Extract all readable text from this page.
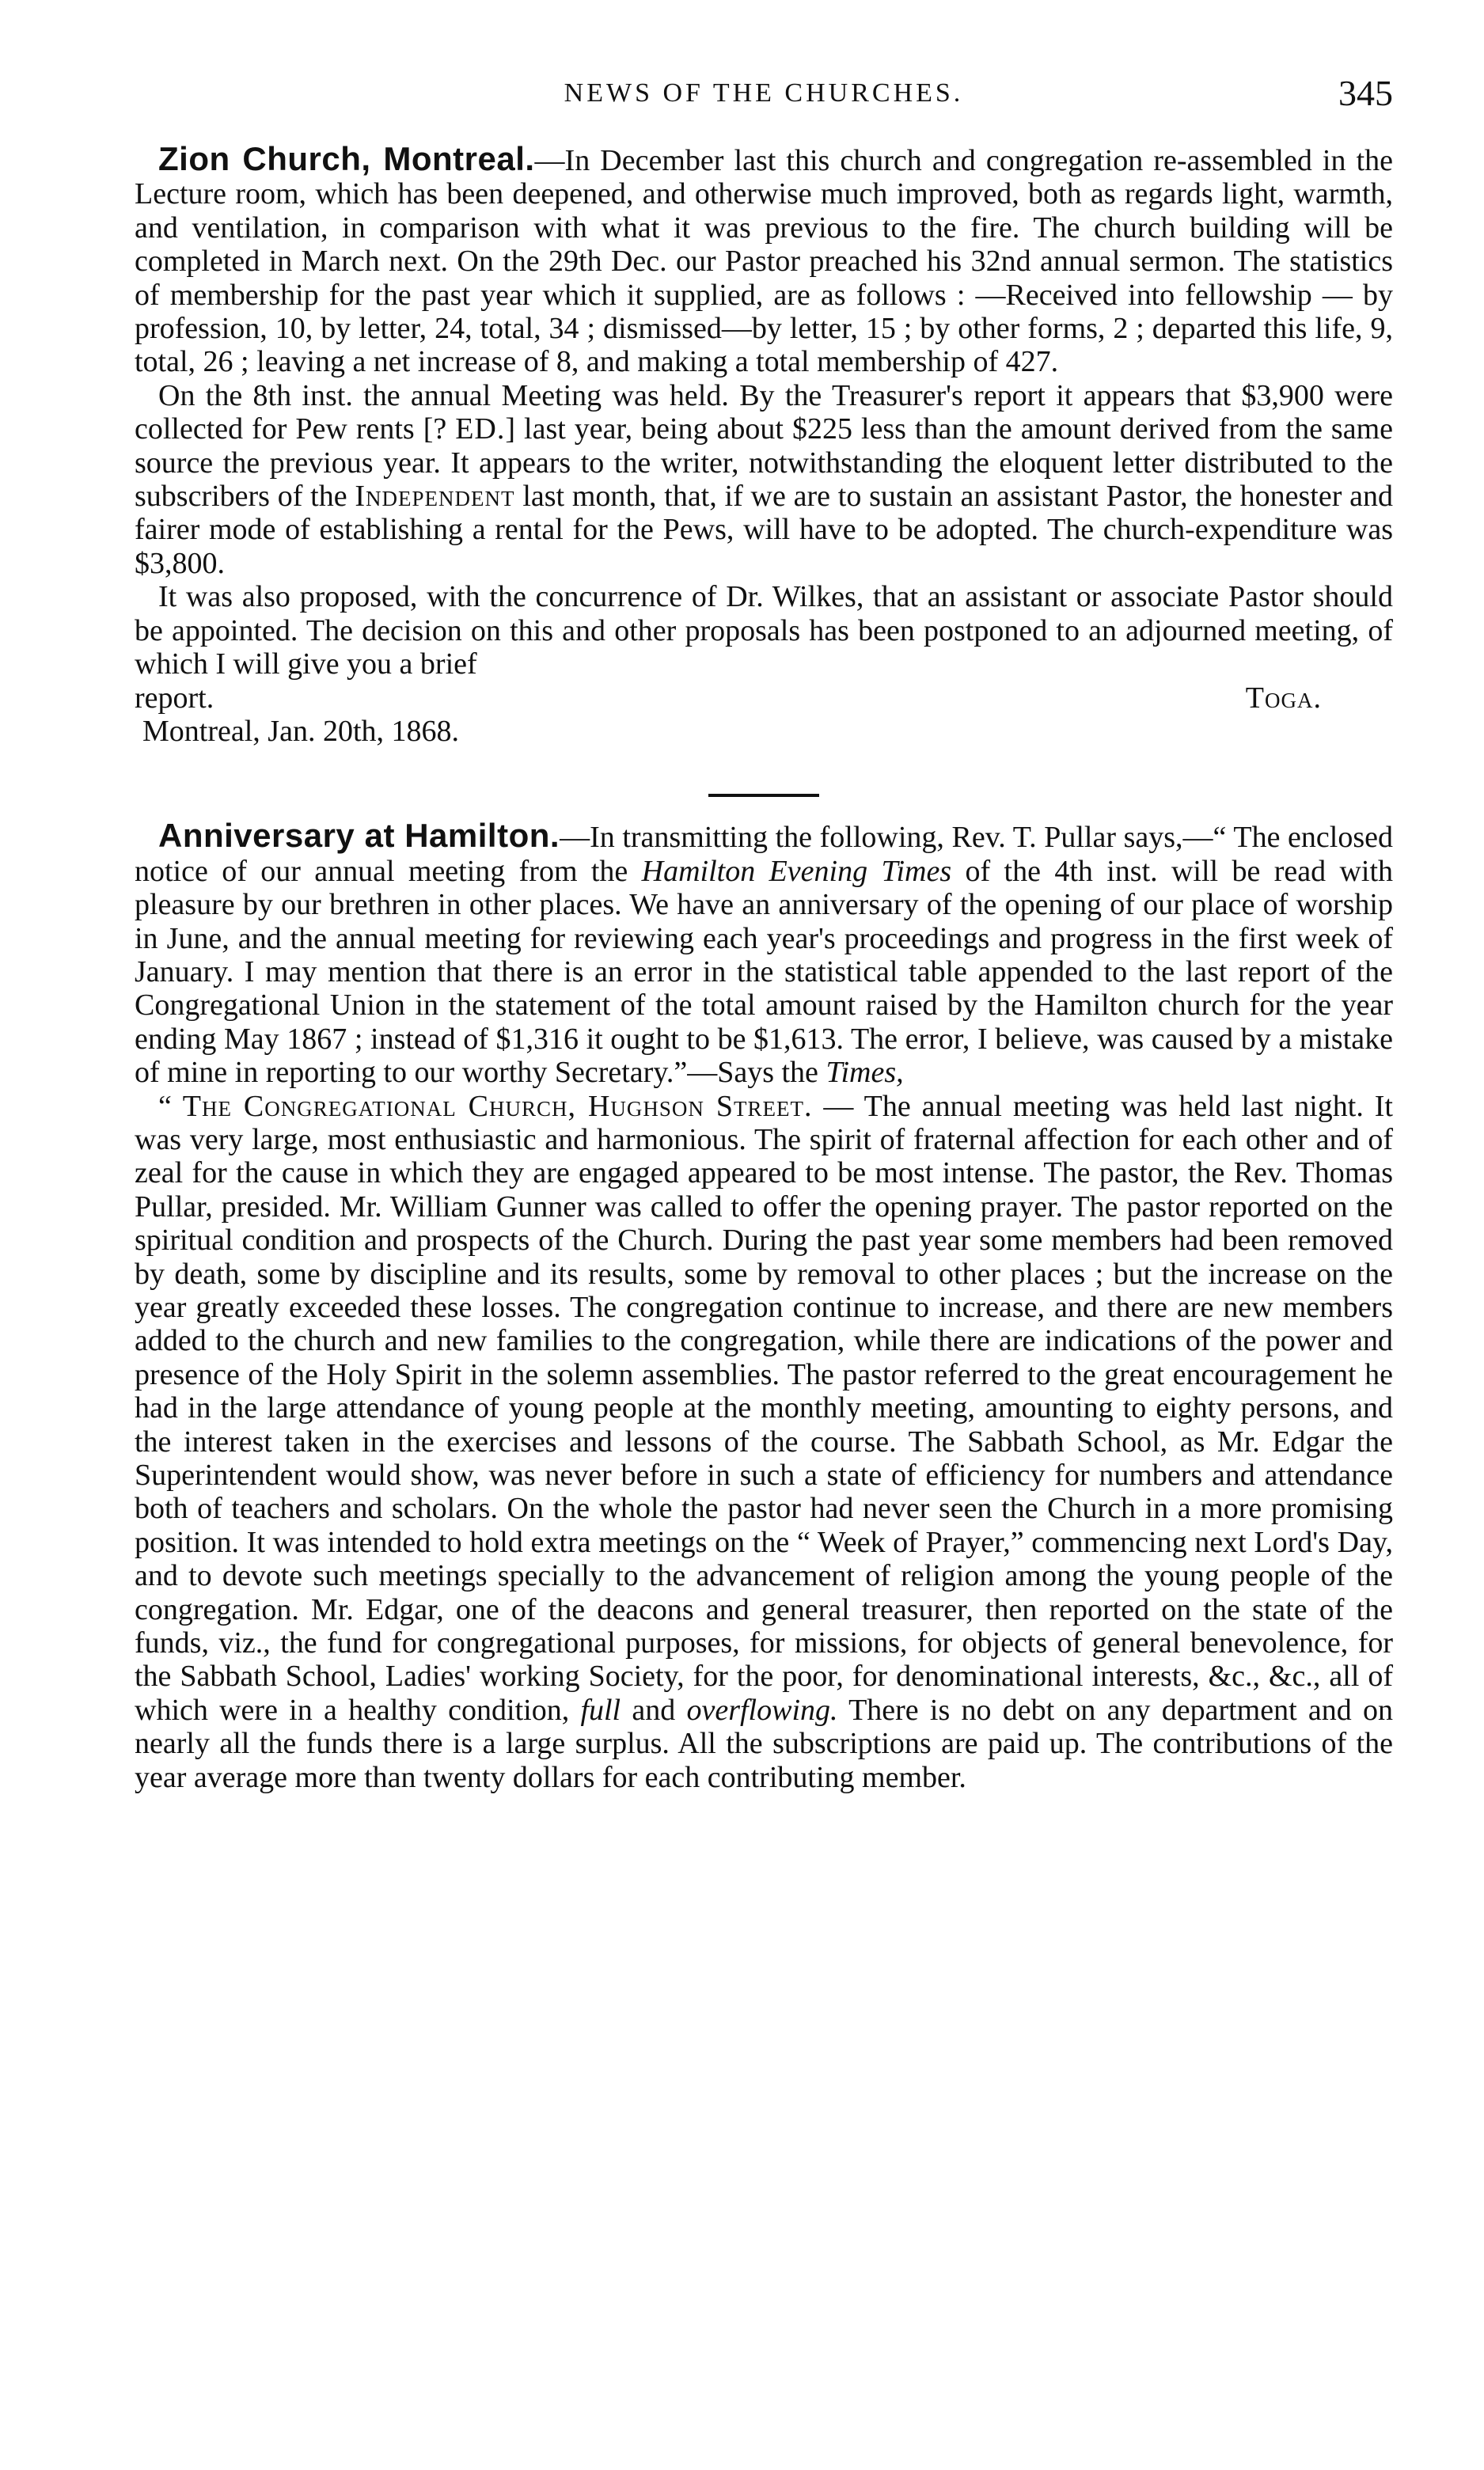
NEWS OF THE CHURCHES.	345

Zion Church, Montreal.—In December last this church and congregation re-assembled in the Lecture room, which has been deepened, and otherwise much improved, both as regards light, warmth, and ventilation, in comparison with what it was previous to the fire. The church building will be completed in March next. On the 29th Dec. our Pastor preached his 32nd annual sermon. The statistics of membership for the past year which it supplied, are as follows : —Received into fellowship — by profession, 10, by letter, 24, total, 34 ; dismissed—by letter, 15 ; by other forms, 2 ; departed this life, 9, total, 26 ; leaving a net increase of 8, and making a total membership of 427.

On the 8th inst. the annual Meeting was held. By the Treasurer's report it appears that $3,900 were collected for Pew rents [? ED.] last year, being about $225 less than the amount derived from the same source the previous year. It appears to the writer, notwithstanding the eloquent letter distributed to the subscribers of the Independent last month, that, if we are to sustain an assistant Pastor, the honester and fairer mode of establishing a rental for the Pews, will have to be adopted. The church-expenditure was $3,800.

It was also proposed, with the concurrence of Dr. Wilkes, that an assistant or associate Pastor should be appointed. The decision on this and other proposals has been postponed to an adjourned meeting, of which I will give you a brief

report.	Toga.
Montreal, Jan. 20th, 1868.

Anniversary at Hamilton.—In transmitting the following, Rev. T. Pullar says,—“ The enclosed notice of our annual meeting from the Hamilton Evening Times of the 4th inst. will be read with pleasure by our brethren in other places. We have an anniversary of the opening of our place of worship in June, and the annual meeting for reviewing each year's proceedings and progress in the first week of January. I may mention that there is an error in the statistical table appended to the last report of the Congregational Union in the statement of the total amount raised by the Hamilton church for the year ending May 1867 ; instead of $1,316 it ought to be $1,613. The error, I believe, was caused by a mistake of mine in reporting to our worthy Secretary.”—Says the Times,

“ The Congregational Church, Hughson Street. — The annual meeting was held last night. It was very large, most enthusiastic and harmonious. The spirit of fraternal affection for each other and of zeal for the cause in which they are engaged appeared to be most intense. The pastor, the Rev. Thomas Pullar, presided. Mr. William Gunner was called to offer the opening prayer. The pastor reported on the spiritual condition and prospects of the Church. During the past year some members had been removed by death, some by discipline and its results, some by removal to other places ; but the increase on the year greatly exceeded these losses. The congregation continue to increase, and there are new members added to the church and new families to the congregation, while there are indications of the power and presence of the Holy Spirit in the solemn assemblies. The pastor referred to the great encouragement he had in the large attendance of young people at the monthly meeting, amounting to eighty persons, and the interest taken in the exercises and lessons of the course. The Sabbath School, as Mr. Edgar the Superintendent would show, was never before in such a state of efficiency for numbers and attendance both of teachers and scholars. On the whole the pastor had never seen the Church in a more promising position. It was intended to hold extra meetings on the “ Week of Prayer,” commencing next Lord's Day, and to devote such meetings specially to the advancement of religion among the young people of the congregation. Mr. Edgar, one of the deacons and general treasurer, then reported on the state of the funds, viz., the fund for congregational purposes, for missions, for objects of general benevolence, for the Sabbath School, Ladies' working Society, for the poor, for denominational interests, &c., &c., all of which were in a healthy condition, full and overflowing. There is no debt on any department and on nearly all the funds there is a large surplus. All the subscriptions are paid up. The contributions of the year average more than twenty dollars for each contributing member.
